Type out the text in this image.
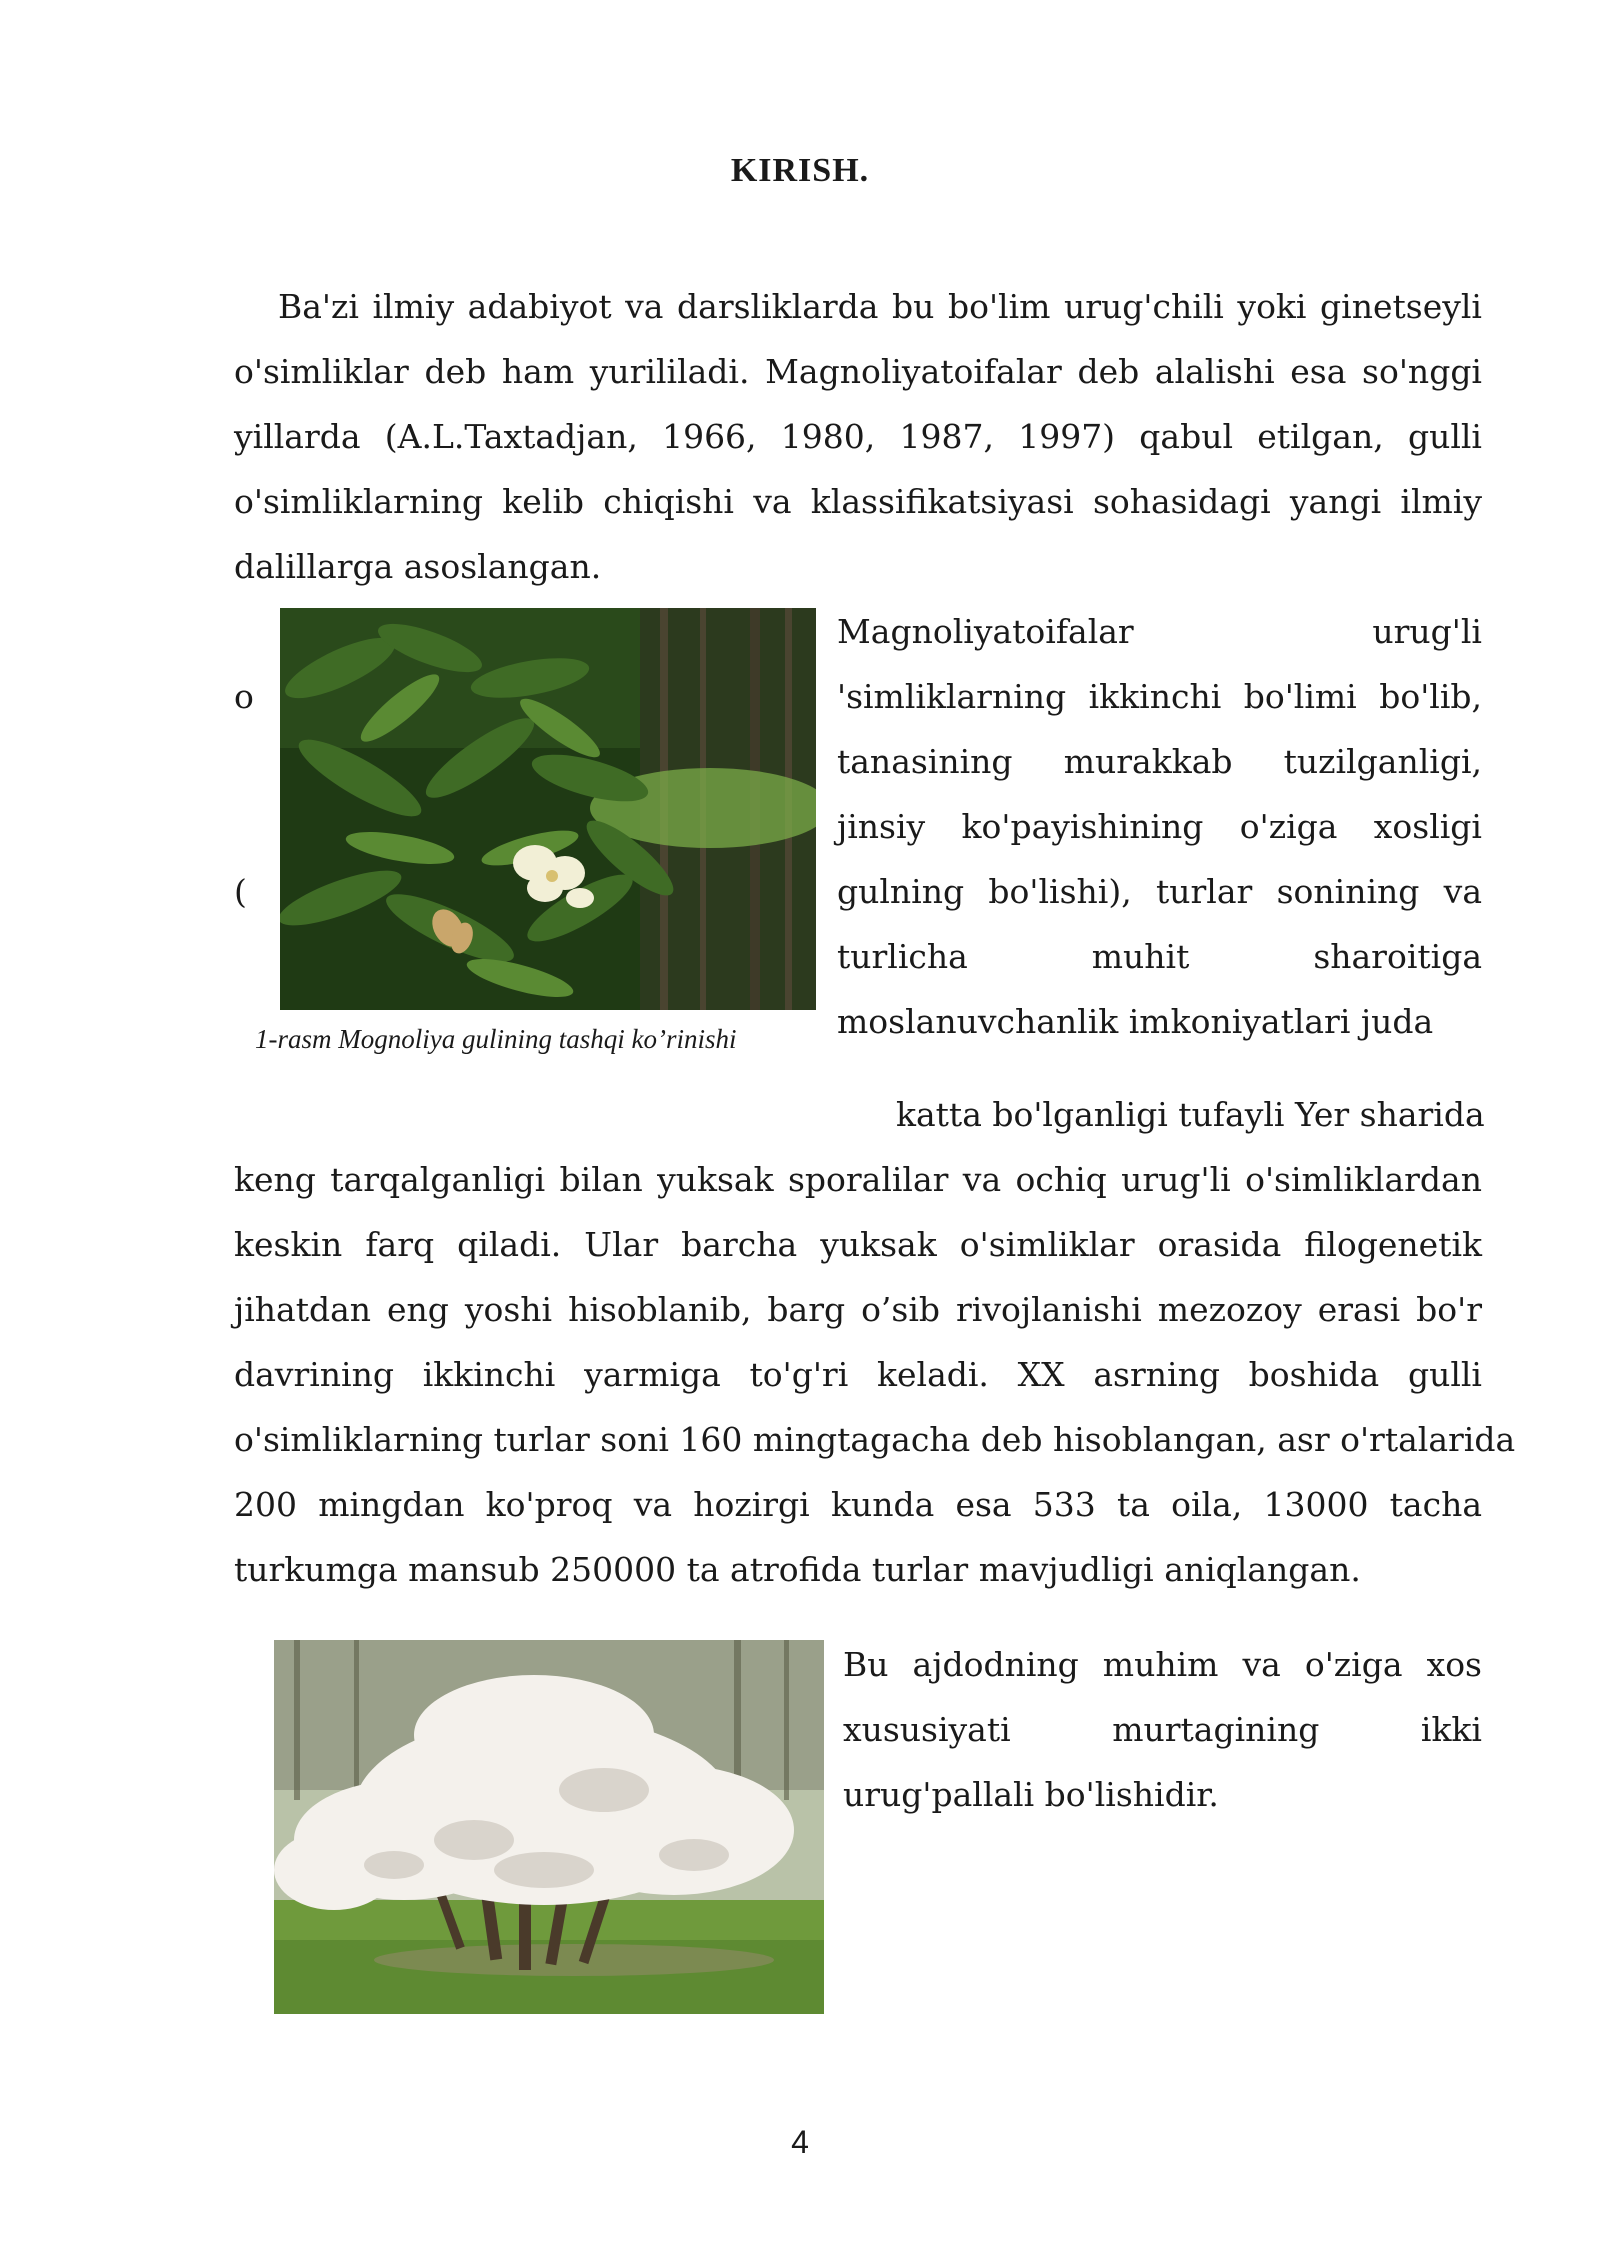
KIRISH.
Ba'zi ilmiy adabiyot va darsliklarda bu bo'lim urug'chili yoki ginetseyli
o'simliklar deb ham yurililadi. Magnoliyatoifalar deb alalishi esa so'nggi
yillarda (A.L.Taxtadjan, 1966, 1980, 1987, 1997) qabul etilgan, gulli
o'simliklarning kelib chiqishi va klassifikatsiyasi sohasidagi yangi ilmiy
dalillarga asoslangan.
o
(
1-rasm Mognoliya gulining tashqi ko’rinishi
Magnoliyatoifalar urug'li
'simliklarning ikkinchi bo'limi bo'lib,
tanasining murakkab tuzilganligi,
jinsiy ko'payishining o'ziga xosligi
gulning bo'lishi), turlar sonining va
turlicha muhit sharoitiga
moslanuvchanlik imkoniyatlari juda
katta bo'lganligi tufayli Yer sharida
keng tarqalganligi bilan yuksak sporalilar va ochiq urug'li o'simliklardan
keskin farq qiladi. Ular barcha yuksak o'simliklar orasida filogenetik
jihatdan eng yoshi hisoblanib, barg o’sib rivojlanishi mezozoy erasi bo'r
davrining ikkinchi yarmiga to'g'ri keladi. XX asrning boshida gulli
o'simliklarning turlar soni 160 mingtagacha deb hisoblangan, asr o'rtalarida
200 mingdan ko'proq va hozirgi kunda esa 533 ta oila, 13000 tacha
turkumga mansub 250000 ta atrofida turlar mavjudligi aniqlangan.
Bu ajdodning muhim va o'ziga xos
xususiyati murtagining ikki
urug'pallali bo'lishidir.
4
